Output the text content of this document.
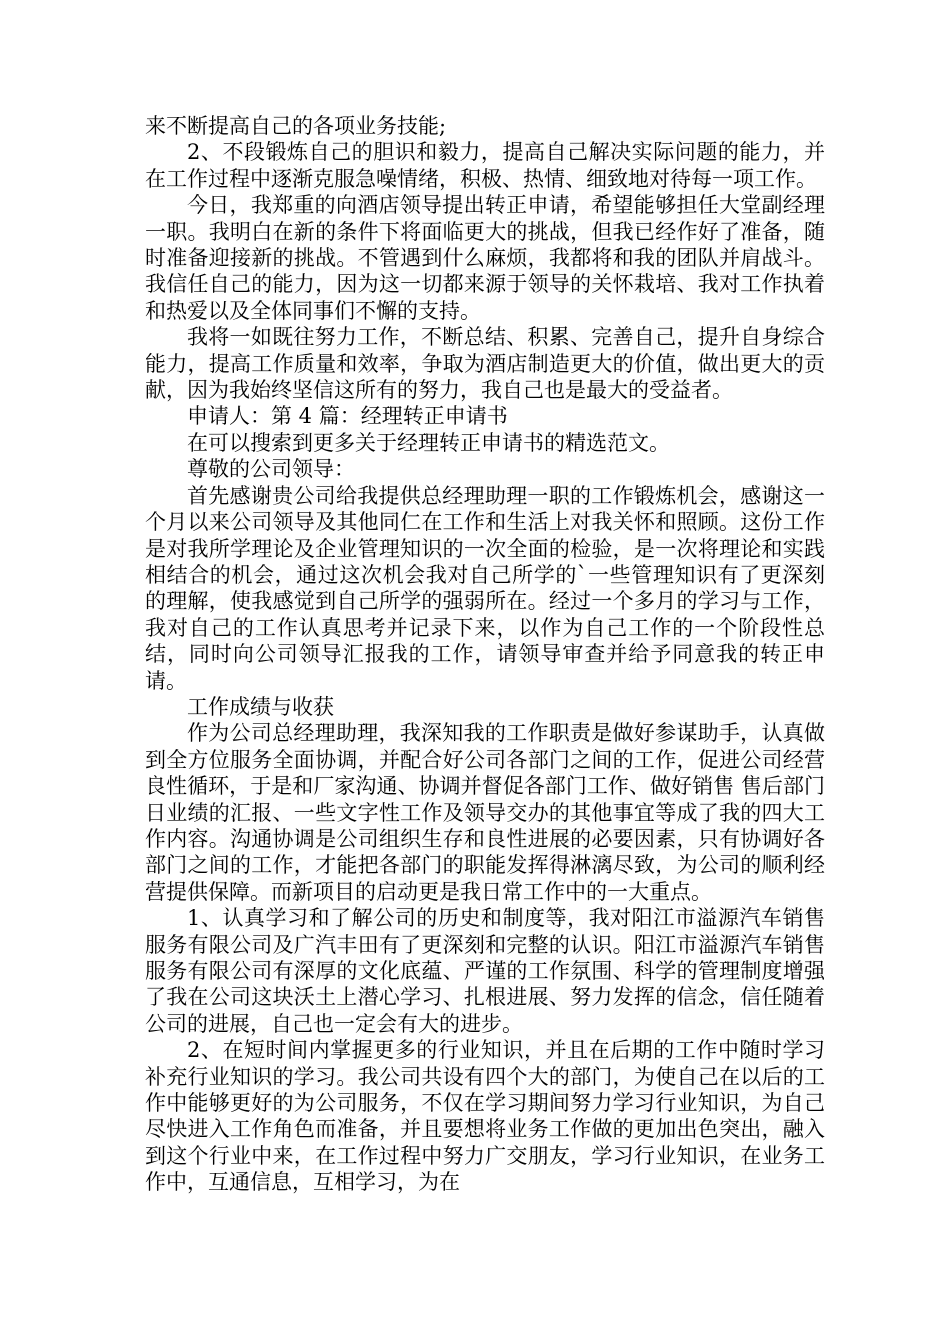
来不断提高自己的各项业务技能;

2、不段锻炼自己的胆识和毅力，提高自己解决实际问题的能力，并在工作过程中逐渐克服急噪情绪，积极、热情、细致地对待每一项工作。

今日，我郑重的向酒店领导提出转正申请，希望能够担任大堂副经理一职。我明白在新的条件下将面临更大的挑战，但我已经作好了准备，随时准备迎接新的挑战。不管遇到什么麻烦，我都将和我的团队并肩战斗。我信任自己的能力，因为这一切都来源于领导的关怀栽培、我对工作执着和热爱以及全体同事们不懈的支持。

我将一如既往努力工作，不断总结、积累、完善自己，提升自身综合能力，提高工作质量和效率，争取为酒店制造更大的价值，做出更大的贡献，因为我始终坚信这所有的努力，我自己也是最大的受益者。

申请人：第 4 篇：经理转正申请书

在可以搜索到更多关于经理转正申请书的精选范文。

尊敬的公司领导：

首先感谢贵公司给我提供总经理助理一职的工作锻炼机会，感谢这一个月以来公司领导及其他同仁在工作和生活上对我关怀和照顾。这份工作是对我所学理论及企业管理知识的一次全面的检验，是一次将理论和实践相结合的机会，通过这次机会我对自己所学的`一些管理知识有了更深刻的理解，使我感觉到自己所学的强弱所在。经过一个多月的学习与工作，我对自己的工作认真思考并记录下来，以作为自己工作的一个阶段性总结，同时向公司领导汇报我的工作，请领导审查并给予同意我的转正申请。

工作成绩与收获

作为公司总经理助理，我深知我的工作职责是做好参谋助手，认真做到全方位服务全面协调，并配合好公司各部门之间的工作，促进公司经营良性循环，于是和厂家沟通、协调并督促各部门工作、做好销售 售后部门日业绩的汇报、一些文字性工作及领导交办的其他事宜等成了我的四大工作内容。沟通协调是公司组织生存和良性进展的必要因素，只有协调好各部门之间的工作，才能把各部门的职能发挥得淋漓尽致，为公司的顺利经营提供保障。而新项目的启动更是我日常工作中的一大重点。

1、认真学习和了解公司的历史和制度等，我对阳江市溢源汽车销售服务有限公司及广汽丰田有了更深刻和完整的认识。阳江市溢源汽车销售服务有限公司有深厚的文化底蕴、严谨的工作氛围、科学的管理制度增强了我在公司这块沃土上潜心学习、扎根进展、努力发挥的信念，信任随着公司的进展，自己也一定会有大的进步。

2、在短时间内掌握更多的行业知识，并且在后期的工作中随时学习补充行业知识的学习。我公司共设有四个大的部门，为使自己在以后的工作中能够更好的为公司服务，不仅在学习期间努力学习行业知识，为自己尽快进入工作角色而准备，并且要想将业务工作做的更加出色突出，融入到这个行业中来，在工作过程中努力广交朋友，学习行业知识，在业务工作中，互通信息，互相学习，为在
